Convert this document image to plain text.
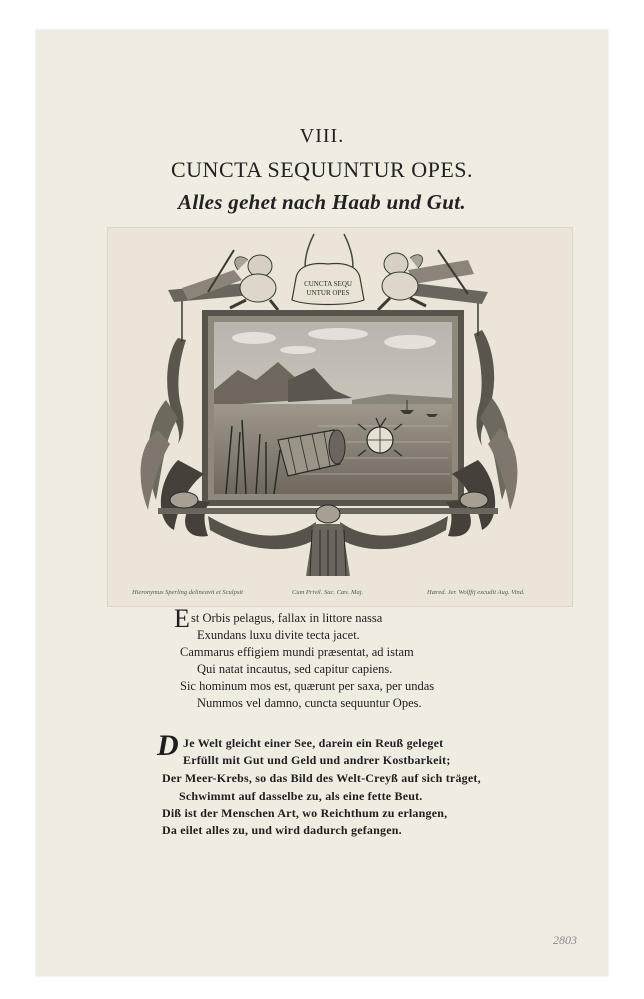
VIII.
CUNCTA SEQUUNTUR OPES.
Alles gehet nach Haab und Gut.
CUNCTA SEQU
UNTUR OPES
Hieronymus Sperling delineavit et Sculpsit	Cum Privil. Sac. Cæs. Maj.	Hæred. Jer. Wolffij excudit Aug. Vind.
E st Orbis pelagus, fallax in littore nassa
Exundans luxu divite tecta jacet.
Cammarus effigiem mundi præsentat, ad istam
Qui natat incautus, sed capitur capiens.
Sic hominum mos est, quærunt per saxa, per undas
Nummos vel damno, cuncta sequuntur Opes.
D Je Welt gleicht einer See, darein ein Reuß geleget
Erfüllt mit Gut und Geld und andrer Kostbarkeit;
Der Meer-Krebs, so das Bild des Welt-Creyß auf sich träget,
Schwimmt auf dasselbe zu, als eine fette Beut.
Diß ist der Menschen Art, wo Reichthum zu erlangen,
Da eilet alles zu, und wird dadurch gefangen.
2803
